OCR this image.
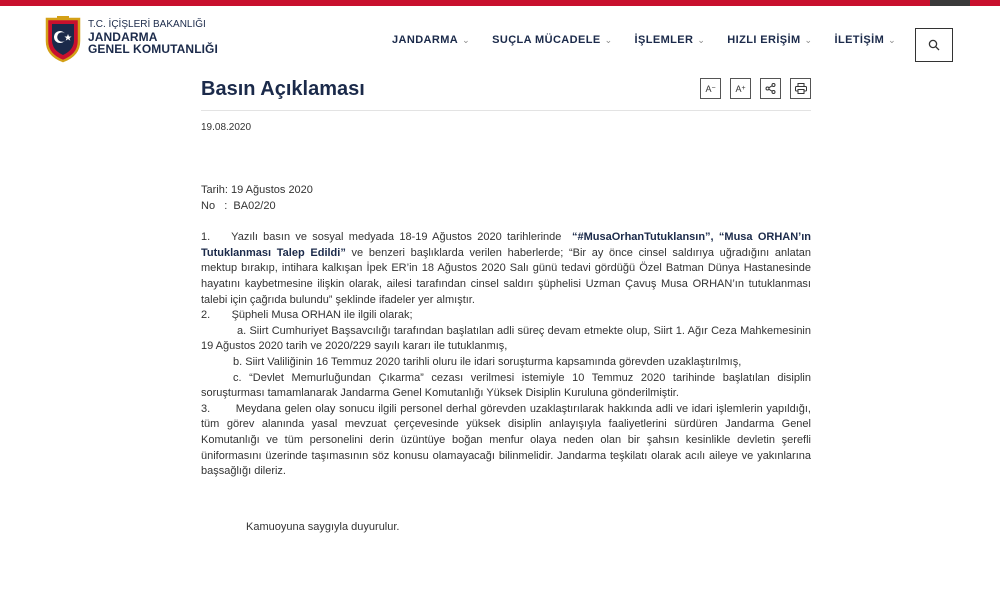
T.C. İÇİŞLERİ BAKANLIĞI
JANDARMA
GENEL KOMUTANLIĞI
JANDARMA ⌄ SUÇLA MÜCADELE ⌄ İŞLEMLER ⌄ HIZLI ERİŞİM ⌄ İLETİŞİM ⌄
Basın Açıklaması	A − A +
19.08.2020

Tarih: 19 Ağustos 2020

No   :  BA02/20

1.    Yazılı basın ve sosyal medyada 18-19 Ağustos 2020 tarihlerinde  “#MusaOrhanTutuklansın”, “Musa ORHAN’ın Tutuklanması Talep Edildi” ve benzeri başlıklarda verilen haberlerde; “Bir ay önce cinsel saldırıya uğradığını anlatan mektup bırakıp, intihara kalkışan İpek ER’in 18 Ağustos 2020 Salı günü tedavi gördüğü Özel Batman Dünya Hastanesinde hayatını kaybetmesine ilişkin olarak, ailesi tarafından cinsel saldırı şüphelisi Uzman Çavuş Musa ORHAN’ın tutuklanması talebi için çağrıda bulundu” şeklinde ifadeler yer almıştır.

2.       Şüpheli Musa ORHAN ile ilgili olarak;

a. Siirt Cumhuriyet Başsavcılığı tarafından başlatılan adli süreç devam etmekte olup, Siirt 1. Ağır Ceza Mahkemesinin 19 Ağustos 2020 tarih ve 2020/229 sayılı kararı ile tutuklanmış,

b. Siirt Valiliğinin 16 Temmuz 2020 tarihli oluru ile idari soruşturma kapsamında görevden uzaklaştırılmış,

c. “Devlet Memurluğundan Çıkarma” cezası verilmesi istemiyle 10 Temmuz 2020 tarihinde başlatılan disiplin soruşturması tamamlanarak Jandarma Genel Komutanlığı Yüksek Disiplin Kuruluna gönderilmiştir.

3.       Meydana gelen olay sonucu ilgili personel derhal görevden uzaklaştırılarak hakkında adli ve idari işlemlerin yapıldığı, tüm görev alanında yasal mevzuat çerçevesinde yüksek disiplin anlayışıyla faaliyetlerini sürdüren Jandarma Genel Komutanlığı ve tüm personelini derin üzüntüye boğan menfur olaya neden olan bir şahsın kesinlikle devletin şerefli üniformasını üzerinde taşımasının söz konusu olamayacağı bilinmelidir. Jandarma teşkilatı olarak acılı aileye ve yakınlarına başsağlığı dileriz.

Kamuoyuna saygıyla duyurulur.
